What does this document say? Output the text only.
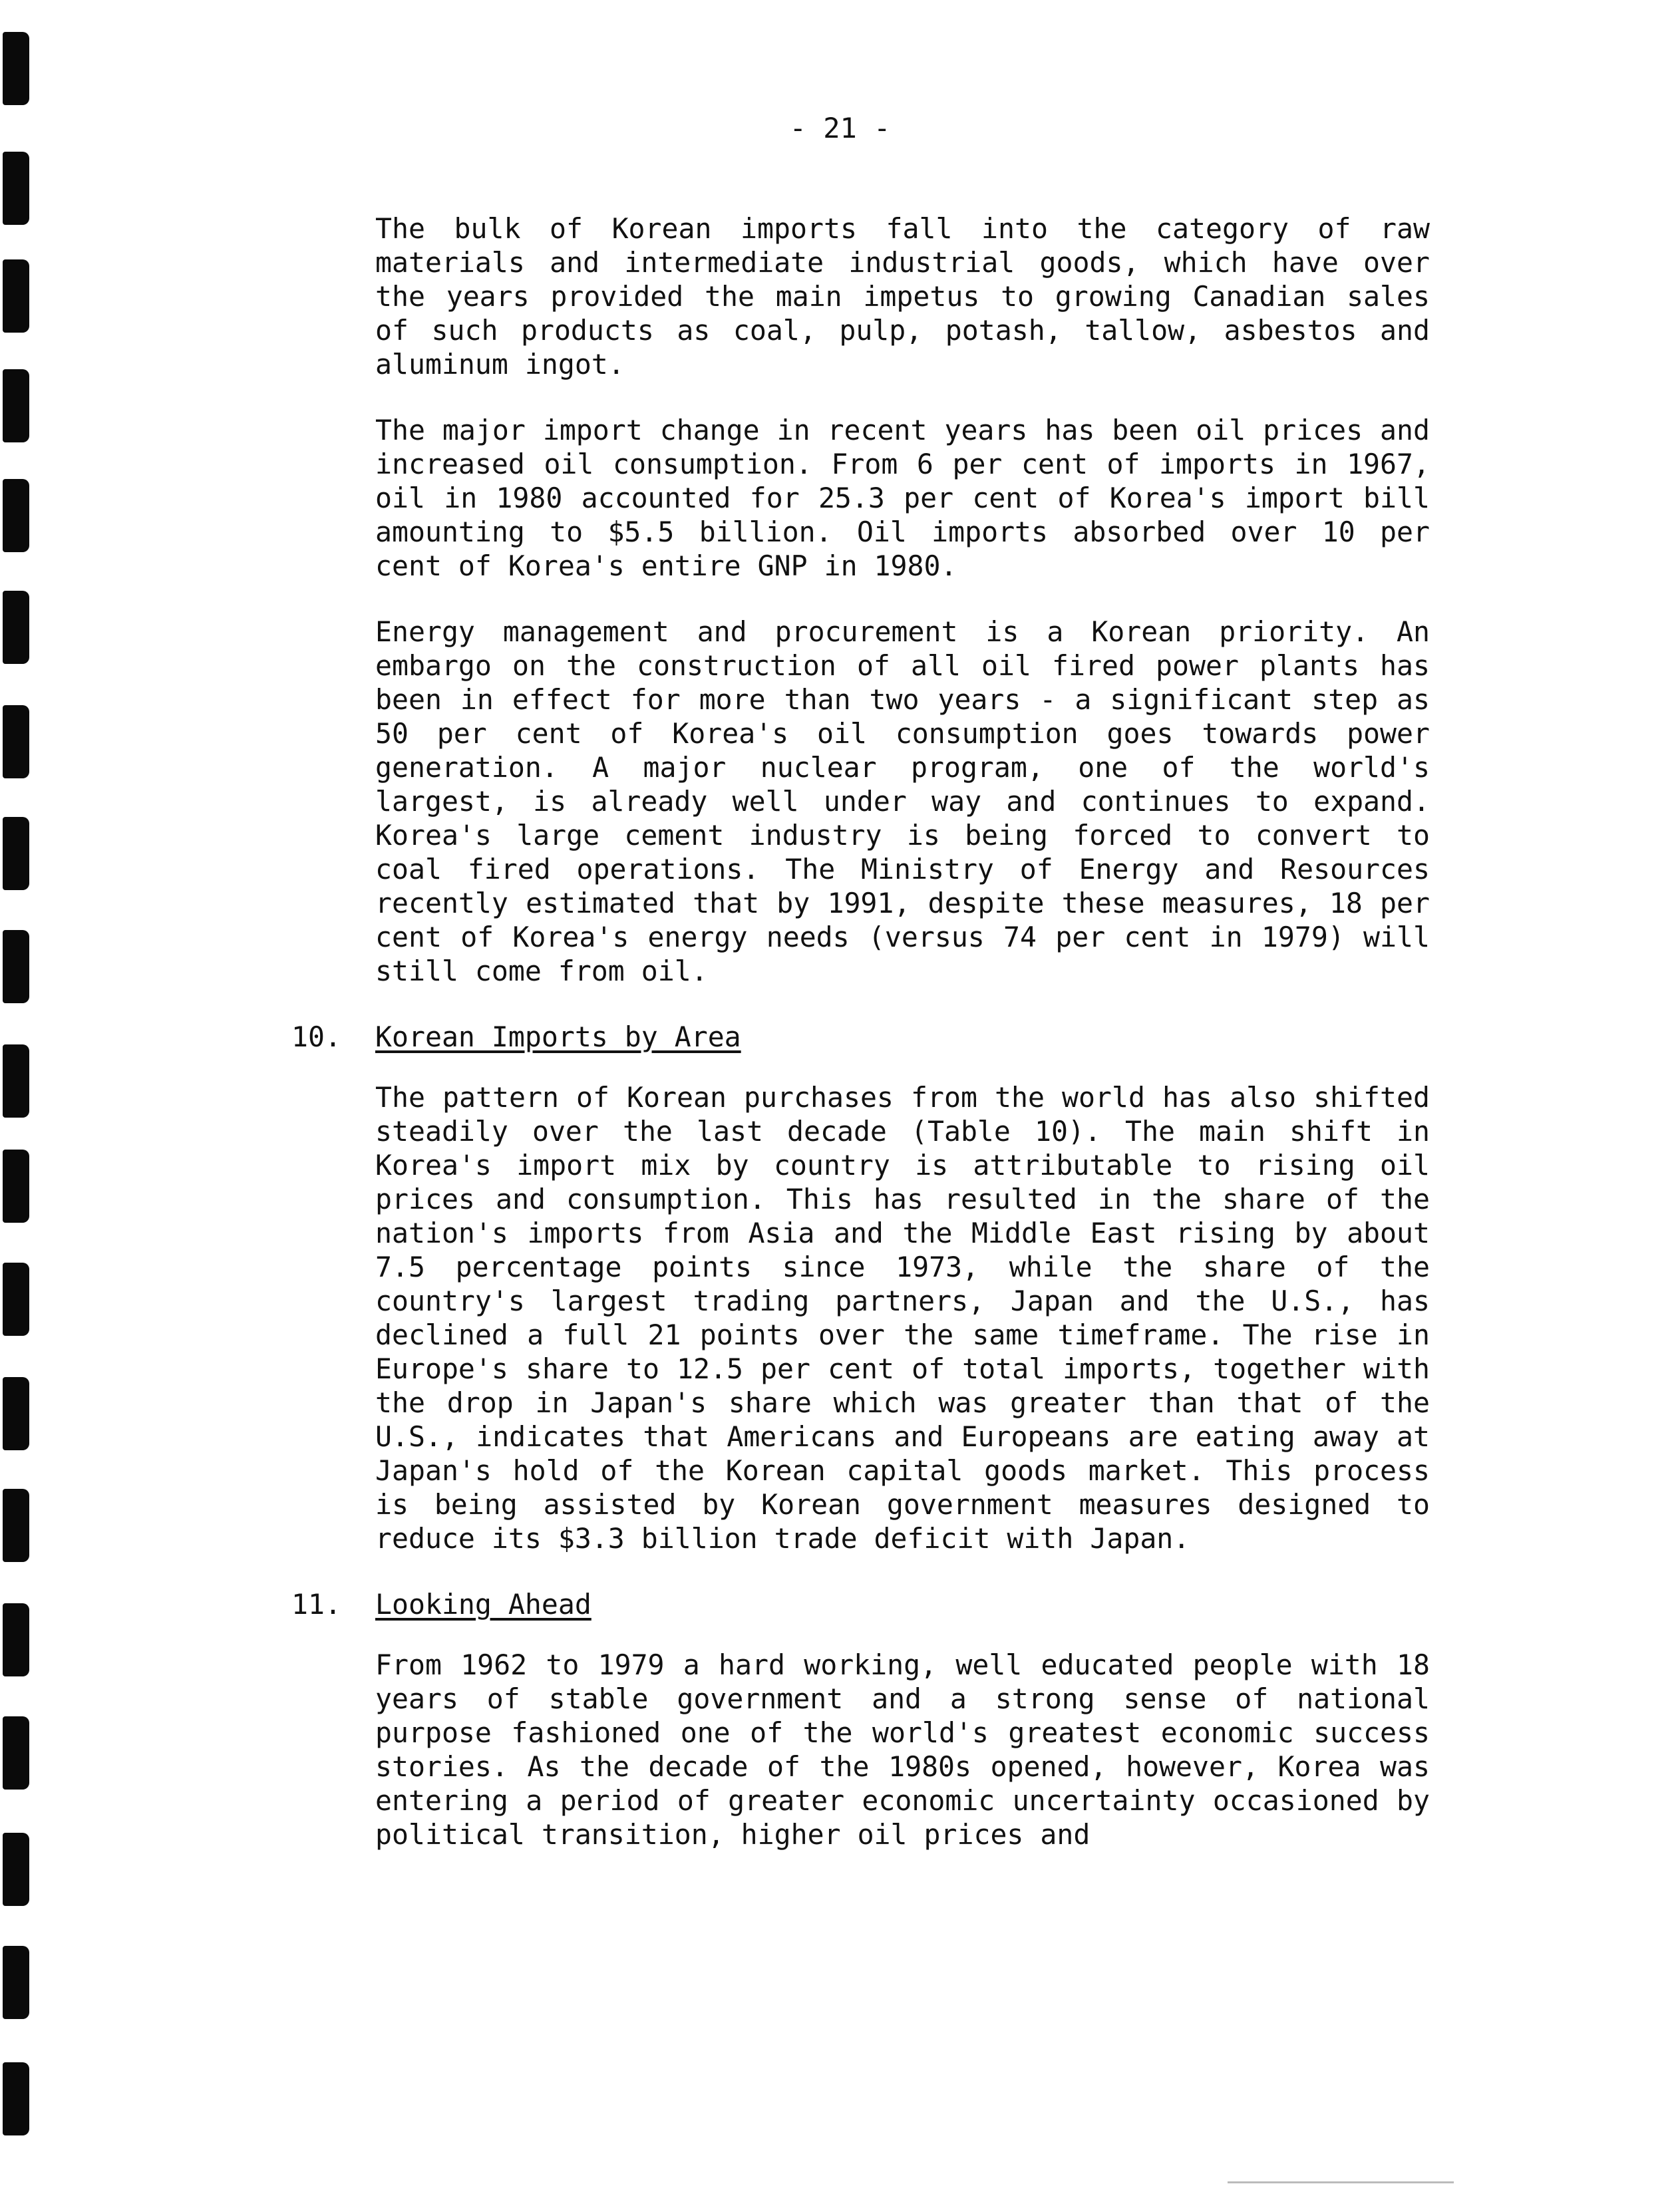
- 21 -

The bulk of Korean imports fall into the category of raw materials and intermediate industrial goods, which have over the years provided the main impetus to growing Canadian sales of such products as coal, pulp, potash, tallow, asbestos and aluminum ingot.

The major import change in recent years has been oil prices and increased oil consumption. From 6 per cent of imports in 1967, oil in 1980 accounted for 25.3 per cent of Korea's import bill amounting to $5.5 billion. Oil imports absorbed over 10 per cent of Korea's entire GNP in 1980.

Energy management and procurement is a Korean priority. An embargo on the construction of all oil fired power plants has been in effect for more than two years - a significant step as 50 per cent of Korea's oil consumption goes towards power generation. A major nuclear program, one of the world's largest, is already well under way and continues to expand. Korea's large cement industry is being forced to convert to coal fired operations. The Ministry of Energy and Resources recently estimated that by 1991, despite these measures, 18 per cent of Korea's energy needs (versus 74 per cent in 1979) will still come from oil.

10. Korean Imports by Area

The pattern of Korean purchases from the world has also shifted steadily over the last decade (Table 10). The main shift in Korea's import mix by country is attributable to rising oil prices and consumption. This has resulted in the share of the nation's imports from Asia and the Middle East rising by about 7.5 percentage points since 1973, while the share of the country's largest trading partners, Japan and the U.S., has declined a full 21 points over the same timeframe. The rise in Europe's share to 12.5 per cent of total imports, together with the drop in Japan's share which was greater than that of the U.S., indicates that Americans and Europeans are eating away at Japan's hold of the Korean capital goods market. This process is being assisted by Korean government measures designed to reduce its $3.3 billion trade deficit with Japan.

11. Looking Ahead

From 1962 to 1979 a hard working, well educated people with 18 years of stable government and a strong sense of national purpose fashioned one of the world's greatest economic success stories. As the decade of the 1980s opened, however, Korea was entering a period of greater economic uncertainty occasioned by political transition, higher oil prices and
